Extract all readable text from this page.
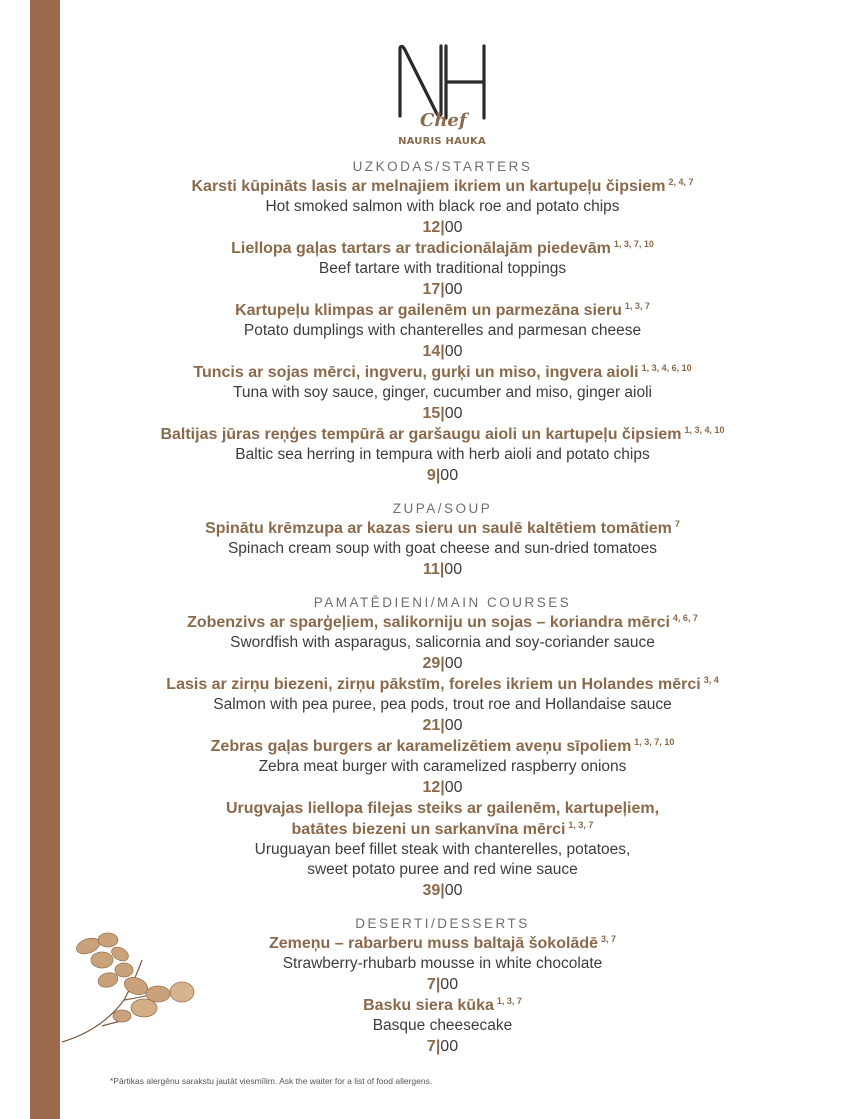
Chef
NAURIS HAUKA
UZKODAS/STARTERS

Karsti kūpināts lasis ar melnajiem ikriem un kartupeļu čipsiem $^{2, 4, 7}$

Hot smoked salmon with black roe and potato chips

12|00

Liellopa gaļas tartars ar tradicionālajām piedevām $^{1, 3, 7, 10}$

Beef tartare with traditional toppings

17|00

Kartupeļu klimpas ar gailenēm un parmezāna sieru $^{1, 3, 7}$

Potato dumplings with chanterelles and parmesan cheese

14|00

Tuncis ar sojas mērci, ingveru, gurķi un miso, ingvera aioli $^{1, 3, 4, 6, 10}$

Tuna with soy sauce, ginger, cucumber and miso, ginger aioli

15|00

Baltijas jūras reņģes tempūrā ar garšaugu aioli un kartupeļu čipsiem $^{1, 3, 4, 10}$

Baltic sea herring in tempura with herb aioli and potato chips

9|00

ZUPA/SOUP

Spinātu krēmzupa ar kazas sieru un saulē kaltētiem tomātiem $^7$

Spinach cream soup with goat cheese and sun-dried tomatoes

11|00

PAMATĒDIENI/MAIN COURSES

Zobenzivs ar sparģeļiem, salikorniju un sojas – koriandra mērci $^{4, 6, 7}$

Swordfish with asparagus, salicornia and soy-coriander sauce

29|00

Lasis ar zirņu biezeni, zirņu pākstīm, foreles ikriem un Holandes mērci $^{3, 4}$

Salmon with pea puree, pea pods, trout roe and Hollandaise sauce

21|00

Zebras gaļas burgers ar karamelizētiem aveņu sīpoliem $^{1, 3, 7, 10}$

Zebra meat burger with caramelized raspberry onions

12|00

Urugvajas liellopa filejas steiks ar gailenēm, kartupeļiem,

batātes biezeni un sarkanvīna mērci $^{1, 3, 7}$

Uruguayan beef fillet steak with chanterelles, potatoes,

sweet potato puree and red wine sauce

39|00

DESERTI/DESSERTS

Zemeņu – rabarberu muss baltajā šokolādē $^{3, 7}$

Strawberry-rhubarb mousse in white chocolate

7|00

Basku siera kūka $^{1, 3, 7}$

Basque cheesecake

7|00

*Pārtikas alergēnu sarakstu jautāt viesmīlim. Ask the waiter for a list of food allergens.
